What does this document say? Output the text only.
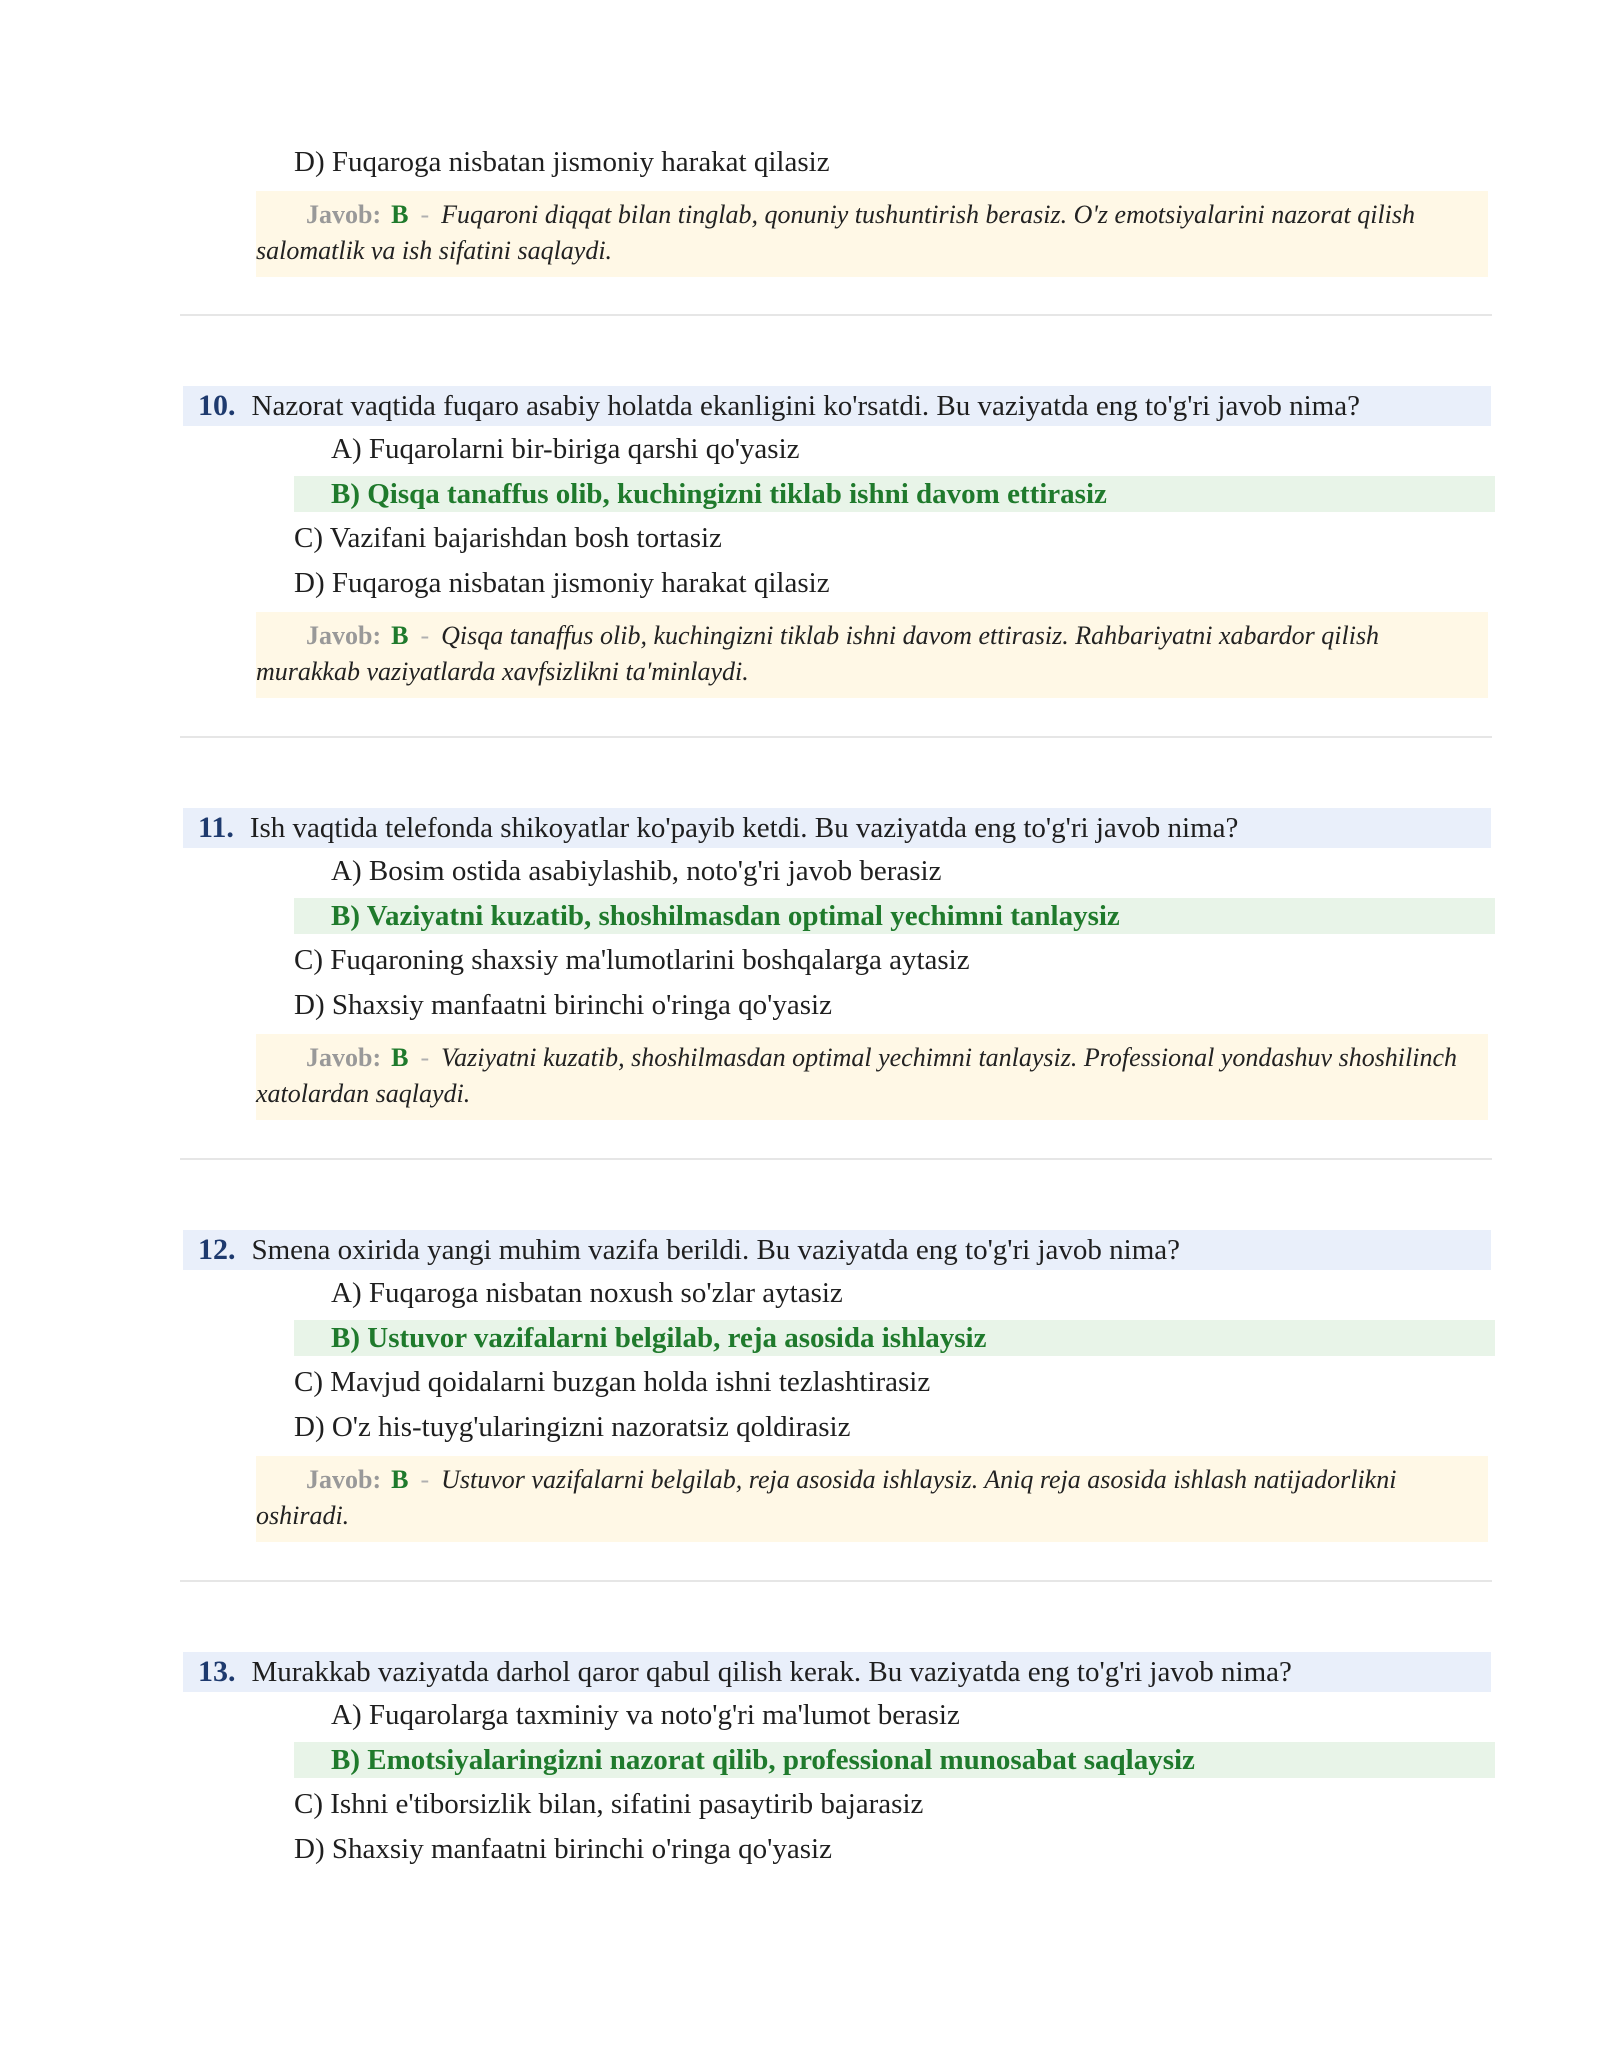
D) Fuqaroga nisbatan jismoniy harakat qilasiz
Javob: B - Fuqaroni diqqat bilan tinglab, qonuniy tushuntirish berasiz. O'z emotsiyalarini nazorat qilish salomatlik va ish sifatini saqlaydi.
10. Nazorat vaqtida fuqaro asabiy holatda ekanligini ko'rsatdi. Bu vaziyatda eng to'g'ri javob nima?
A) Fuqarolarni bir-biriga qarshi qo'yasiz
B) Qisqa tanaffus olib, kuchingizni tiklab ishni davom ettirasiz
C) Vazifani bajarishdan bosh tortasiz
D) Fuqaroga nisbatan jismoniy harakat qilasiz
Javob: B - Qisqa tanaffus olib, kuchingizni tiklab ishni davom ettirasiz. Rahbariyatni xabardor qilish murakkab vaziyatlarda xavfsizlikni ta'minlaydi.
11. Ish vaqtida telefonda shikoyatlar ko'payib ketdi. Bu vaziyatda eng to'g'ri javob nima?
A) Bosim ostida asabiylashib, noto'g'ri javob berasiz
B) Vaziyatni kuzatib, shoshilmasdan optimal yechimni tanlaysiz
C) Fuqaroning shaxsiy ma'lumotlarini boshqalarga aytasiz
D) Shaxsiy manfaatni birinchi o'ringa qo'yasiz
Javob: B - Vaziyatni kuzatib, shoshilmasdan optimal yechimni tanlaysiz. Professional yondashuv shoshilinch xatolardan saqlaydi.
12. Smena oxirida yangi muhim vazifa berildi. Bu vaziyatda eng to'g'ri javob nima?
A) Fuqaroga nisbatan noxush so'zlar aytasiz
B) Ustuvor vazifalarni belgilab, reja asosida ishlaysiz
C) Mavjud qoidalarni buzgan holda ishni tezlashtirasiz
D) O'z his-tuyg'ularingizni nazoratsiz qoldirasiz
Javob: B - Ustuvor vazifalarni belgilab, reja asosida ishlaysiz. Aniq reja asosida ishlash natijadorlikni oshiradi.
13. Murakkab vaziyatda darhol qaror qabul qilish kerak. Bu vaziyatda eng to'g'ri javob nima?
A) Fuqarolarga taxminiy va noto'g'ri ma'lumot berasiz
B) Emotsiyalaringizni nazorat qilib, professional munosabat saqlaysiz
C) Ishni e'tiborsizlik bilan, sifatini pasaytirib bajarasiz
D) Shaxsiy manfaatni birinchi o'ringa qo'yasiz
